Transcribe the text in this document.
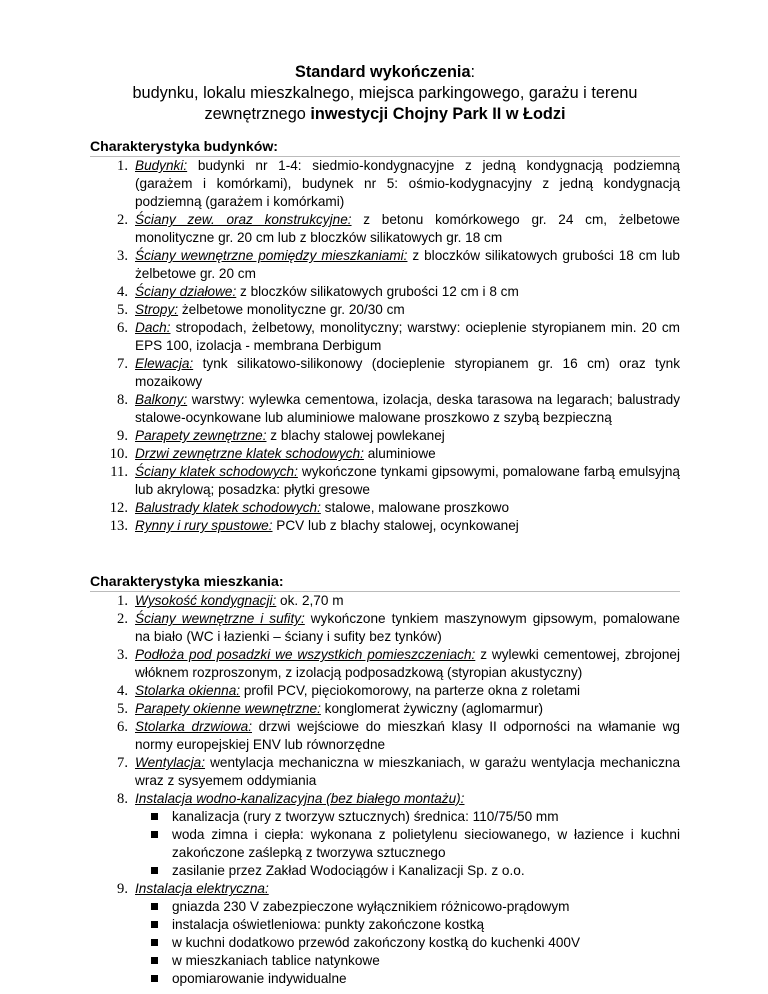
Standard wykończenia:
budynku, lokalu mieszkalnego, miejsca parkingowego, garażu i terenu
zewnętrznego inwestycji Chojny Park II w Łodzi
Charakterystyka budynków:
1. Budynki: budynki nr 1-4: siedmio-kondygnacyjne z jedną kondygnacją podziemną (garażem i komórkami), budynek nr 5: ośmio-kodygnacyjny z jedną kondygnacją podziemną (garażem i komórkami)
2. Ściany zew. oraz konstrukcyjne: z betonu komórkowego gr. 24 cm, żelbetowe monolityczne gr. 20 cm lub z bloczków silikatowych gr. 18 cm
3. Ściany wewnętrzne pomiędzy mieszkaniami: z bloczków silikatowych grubości 18 cm lub żelbetowe gr. 20 cm
4. Ściany działowe: z bloczków silikatowych grubości 12 cm i 8 cm
5. Stropy: żelbetowe monolityczne gr. 20/30 cm
6. Dach: stropodach, żelbetowy, monolityczny; warstwy: ocieplenie styropianem min. 20 cm EPS 100, izolacja - membrana Derbigum
7. Elewacja: tynk silikatowo-silikonowy (docieplenie styropianem gr. 16 cm) oraz tynk mozaikowy
8. Balkony: warstwy: wylewka cementowa, izolacja, deska tarasowa na legarach; balustrady stalowe-ocynkowane lub aluminiowe malowane proszkowo z szybą bezpieczną
9. Parapety zewnętrzne: z blachy stalowej powlekanej
10. Drzwi zewnętrzne klatek schodowych: aluminiowe
11. Ściany klatek schodowych: wykończone tynkami gipsowymi, pomalowane farbą emulsyjną lub akrylową; posadzka: płytki gresowe
12. Balustrady klatek schodowych: stalowe, malowane proszkowo
13. Rynny i rury spustowe: PCV lub z blachy stalowej, ocynkowanej
Charakterystyka mieszkania:
1. Wysokość kondygnacji: ok. 2,70 m
2. Ściany wewnętrzne i sufity: wykończone tynkiem maszynowym gipsowym, pomalowane na biało (WC i łazienki – ściany i sufity bez tynków)
3. Podłoża pod posadzki we wszystkich pomieszczeniach: z wylewki cementowej, zbrojonej włóknem rozproszonym, z izolacją podposadzkową (styropian akustyczny)
4. Stolarka okienna: profil PCV, pięciokomorowy, na parterze okna z roletami
5. Parapety okienne wewnętrzne: konglomerat żywiczny (aglomarmur)
6. Stolarka drzwiowa: drzwi wejściowe do mieszkań klasy II odporności na włamanie wg normy europejskiej ENV lub równorzędne
7. Wentylacja: wentylacja mechaniczna w mieszkaniach, w garażu wentylacja mechaniczna wraz z sysyemem oddymiania
8. Instalacja wodno-kanalizacyjna (bez białego montażu):
kanalizacja (rury z tworzyw sztucznych) średnica: 110/75/50 mm
woda zimna i ciepła: wykonana z polietylenu sieciowanego, w łazience i kuchni zakończone zaślepką z tworzywa sztucznego
zasilanie przez Zakład Wodociągów i Kanalizacji Sp. z o.o.
9. Instalacja elektryczna:
gniazda 230 V zabezpieczone wyłącznikiem różnicowo-prądowym
instalacja oświetleniowa: punkty zakończone kostką
w kuchni dodatkowo przewód zakończony kostką do kuchenki 400V
w mieszkaniach tablice natynkowe
opomiarowanie indywidualne
